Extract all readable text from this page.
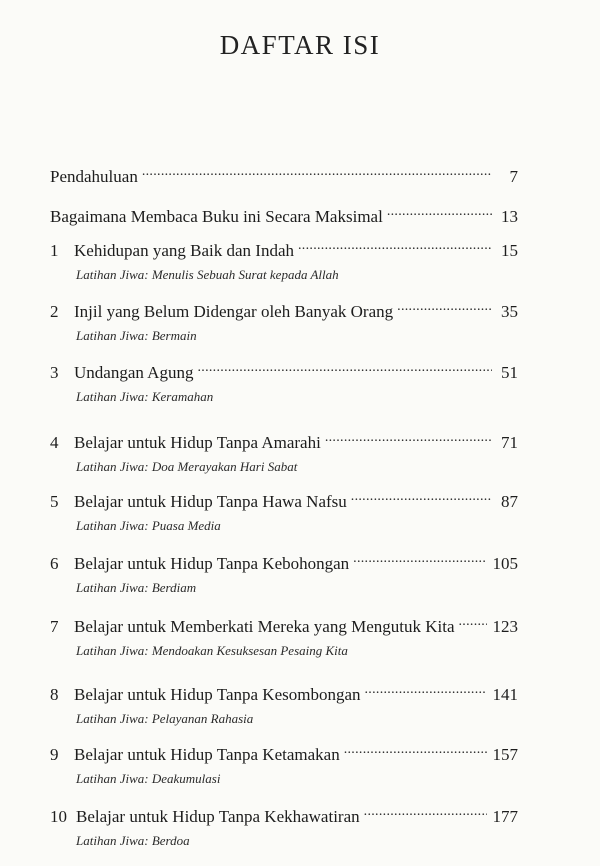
DAFTAR ISI
Pendahuluan . . .	7
Bagaimana Membaca Buku ini Secara Maksimal . . .	13
1 Kehidupan yang Baik dan Indah . . .	15
Latihan Jiwa: Menulis Sebuah Surat kepada Allah
2 Injil yang Belum Didengar oleh Banyak Orang . . .	35
Latihan Jiwa: Bermain
3 Undangan Agung . . .	51
Latihan Jiwa: Keramahan
4 Belajar untuk Hidup Tanpa Amarahi . . .	71
Latihan Jiwa: Doa Merayakan Hari Sabat
5 Belajar untuk Hidup Tanpa Hawa Nafsu . . .	87
Latihan Jiwa: Puasa Media
6 Belajar untuk Hidup Tanpa Kebohongan . . .	105
Latihan Jiwa: Berdiam
7 Belajar untuk Memberkati Mereka yang Mengutuk Kita . . . 123
Latihan Jiwa: Mendoakan Kesuksesan Pesaing Kita
8 Belajar untuk Hidup Tanpa Kesombongan . . .	141
Latihan Jiwa: Pelayanan Rahasia
9 Belajar untuk Hidup Tanpa Ketamakan . . .	157
Latihan Jiwa: Deakumulasi
10 Belajar untuk Hidup Tanpa Kekhawatiran . . .	177
Latihan Jiwa: Berdoa
